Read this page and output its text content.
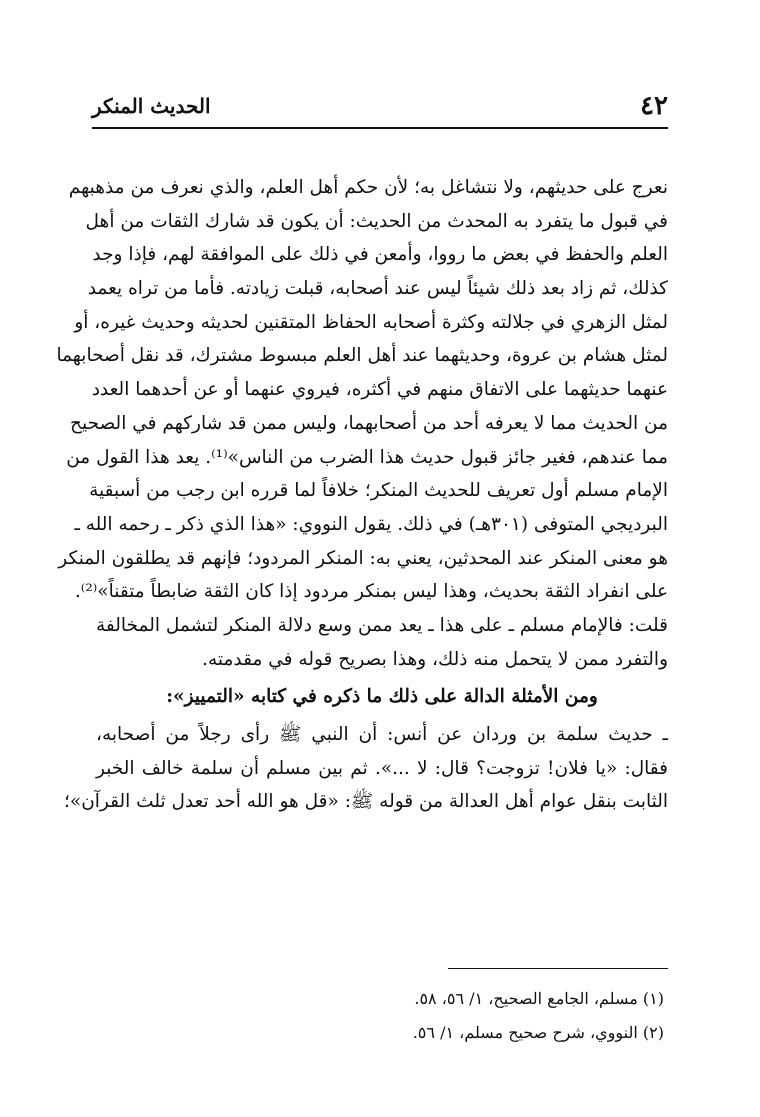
٤٢
الحديث المنكر
نعرج على حديثهم، ولا نتشاغل به؛ لأن حكم أهل العلم، والذي نعرف من مذهبهم
في قبول ما يتفرد به المحدث من الحديث: أن يكون قد شارك الثقات من أهل
العلم والحفظ في بعض ما رووا، وأمعن في ذلك على الموافقة لهم، فإذا وجد
كذلك، ثم زاد بعد ذلك شيئاً ليس عند أصحابه، قبلت زيادته. فأما من تراه يعمد
لمثل الزهري في جلالته وكثرة أصحابه الحفاظ المتقنين لحديثه وحديث غيره، أو
لمثل هشام بن عروة، وحديثهما عند أهل العلم مبسوط مشترك، قد نقل أصحابهما
عنهما حديثهما على الاتفاق منهم في أكثره، فيروي عنهما أو عن أحدهما العدد
من الحديث مما لا يعرفه أحد من أصحابهما، وليس ممن قد شاركهم في الصحيح
مما عندهم، فغير جائز قبول حديث هذا الضرب من الناس»⁽¹⁾. يعد هذا القول من
الإمام مسلم أول تعريف للحديث المنكر؛ خلافاً لما قرره ابن رجب من أسبقية
البرديجي المتوفى (٣٠١هـ) في ذلك. يقول النووي: «هذا الذي ذكر ـ رحمه الله ـ
هو معنى المنكر عند المحدثين، يعني به: المنكر المردود؛ فإنهم قد يطلقون المنكر
على انفراد الثقة بحديث، وهذا ليس بمنكر مردود إذا كان الثقة ضابطاً متقناً»⁽²⁾.
قلت: فالإمام مسلم ـ على هذا ـ يعد ممن وسع دلالة المنكر لتشمل المخالفة
والتفرد ممن لا يتحمل منه ذلك، وهذا بصريح قوله في مقدمته.
ومن الأمثلة الدالة على ذلك ما ذكره في كتابه «التمييز»:
ـ حديث سلمة بن وردان عن أنس: أن النبي ﷺ رأى رجلاً من أصحابه،
فقال: «يا فلان! تزوجت؟ قال: لا ...». ثم بين مسلم أن سلمة خالف الخبر
الثابت بنقل عوام أهل العدالة من قوله ﷺ: «قل هو الله أحد تعدل ثلث القرآن»؛
(١) مسلم، الجامع الصحيح، ١/ ٥٦، ٥٨.
(٢) النووي، شرح صحيح مسلم، ١/ ٥٦.
